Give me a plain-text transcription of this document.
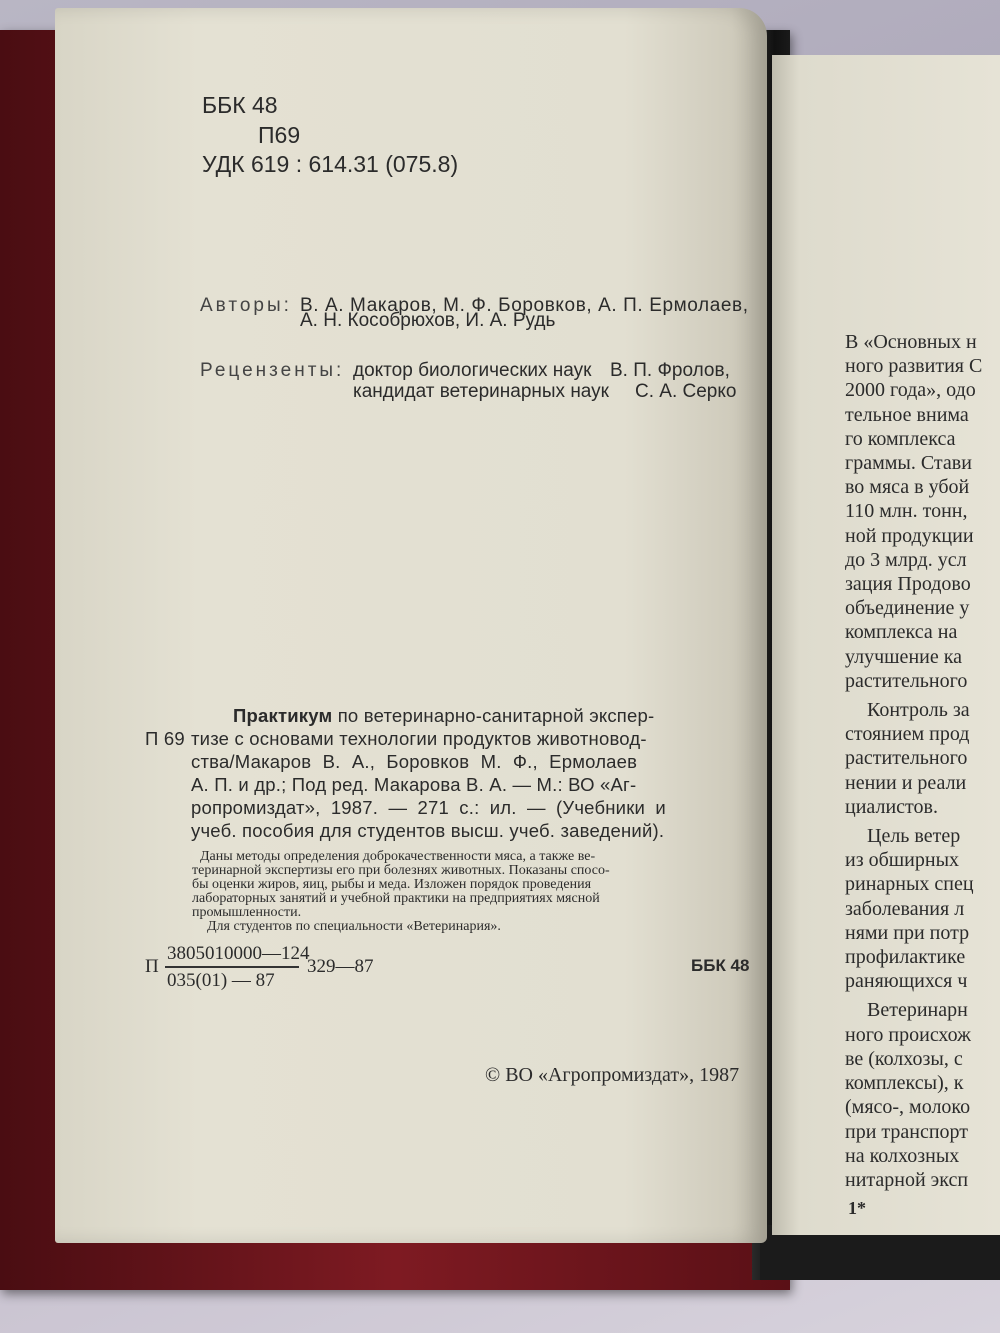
ББК 48
П69
УДК 619 : 614.31 (075.8)
Авторы: В. А. Макаров, М. Ф. Боровков, А. П. Ермолаев,
А. Н. Кособрюхов, И. А. Рудь
Рецензенты: доктор биологических наук В. П. Фролов,
кандидат ветеринарных наук С. А. Серко
Практикум по ветеринарно-санитарной экспер-
П 69 тизе с основами технологии продуктов животновод-
ства/Макаров В. А., Боровков М. Ф., Ермолаев
А. П. и др.; Под ред. Макарова В. А. — М.: ВО «Аг-
ропромиздат», 1987. — 271 с.: ил. — (Учебники и
учеб. пособия для студентов высш. учеб. заведений).
Даны методы определения доброкачественности мяса, а также ве-
теринарной экспертизы его при болезнях животных. Показаны спосо-
бы оценки жиров, яиц, рыбы и меда. Изложен порядок проведения
лабораторных занятий и учебной практики на предприятиях мясной
промышленности.
Для студентов по специальности «Ветеринария».
П
3805010000—124
035(01) — 87
329—87	ББК 48
© ВО «Агропромиздат», 1987
В «Основных н
ного развития С
2000 года», одо
тельное внима
го комплекса
граммы. Стави
во мяса в убой
110 млн. тонн,
ной продукции
до 3 млрд. усл
зация Продово
объединение у
комплекса на
улучшение ка
растительного
Контроль за
стоянием прод
растительного
нении и реали
циалистов.
Цель ветер
из обширных
ринарных спец
заболевания л
нями при потр
профилактике
раняющихся ч
Ветеринарн
ного происхож
ве (колхозы, с
комплексы), к
(мясо-, молоко
при транспорт
на колхозных
нитарной эксп
1*
